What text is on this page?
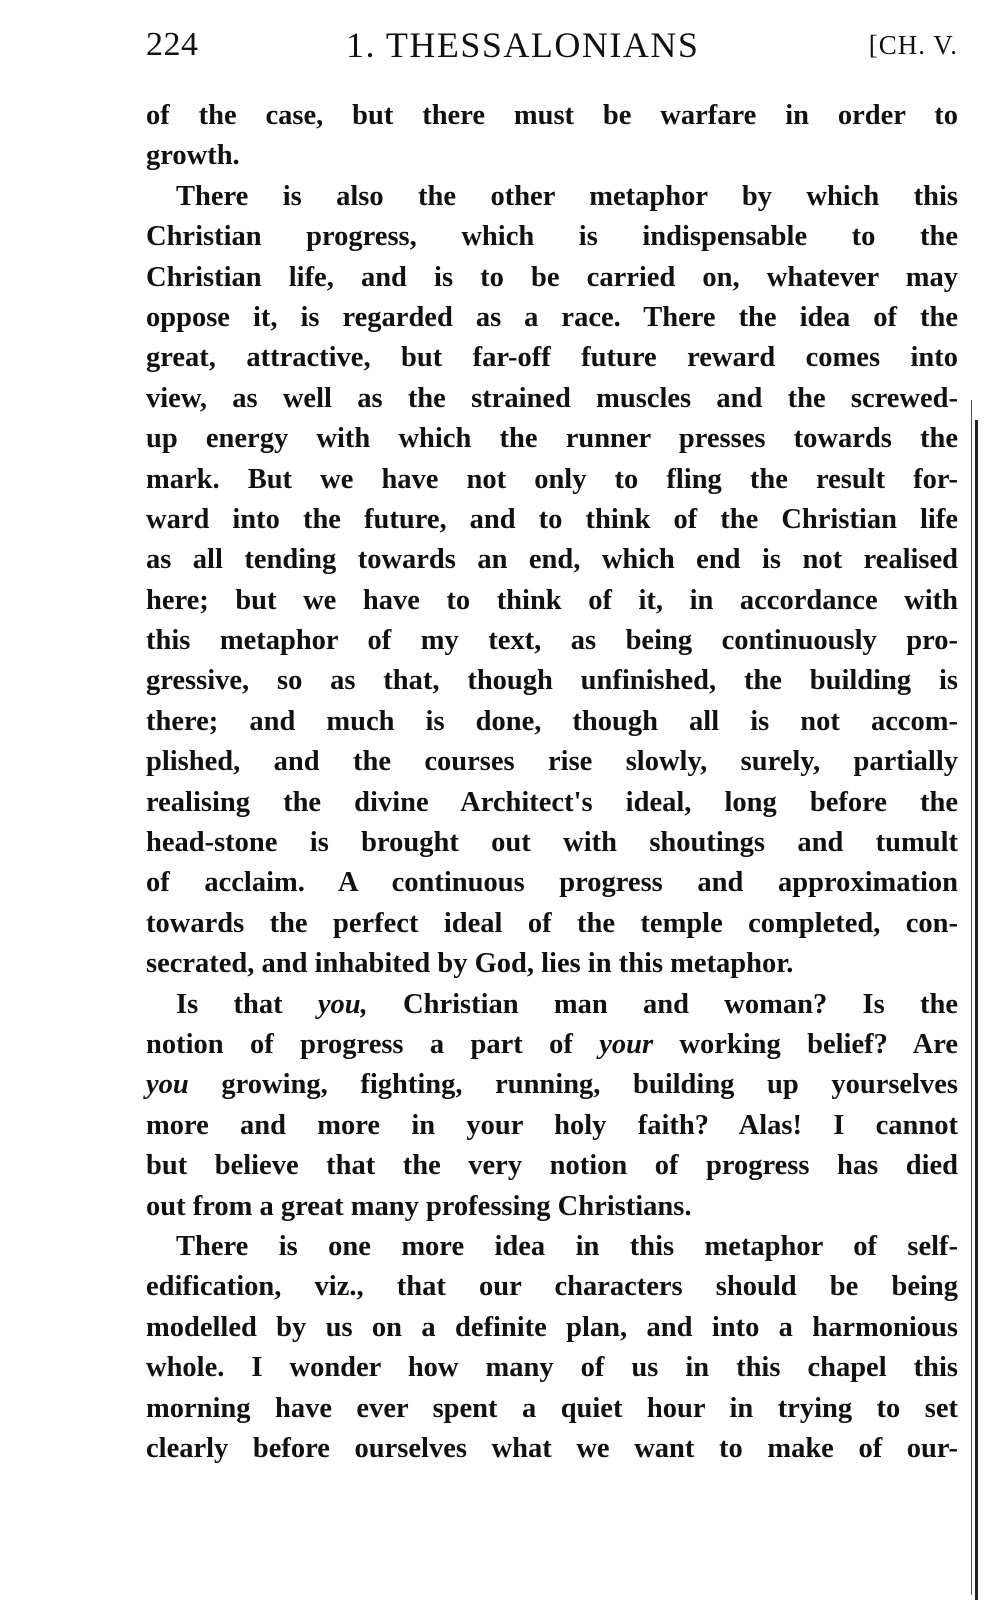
224	1. THESSALONIANS	[CH. V.
of the case, but there must be warfare in order to
growth.
There is also the other metaphor by which this
Christian progress, which is indispensable to the
Christian life, and is to be carried on, whatever may
oppose it, is regarded as a race. There the idea of the
great, attractive, but far-off future reward comes into
view, as well as the strained muscles and the screwed-
up energy with which the runner presses towards the
mark. But we have not only to fling the result for-
ward into the future, and to think of the Christian life
as all tending towards an end, which end is not realised
here; but we have to think of it, in accordance with
this metaphor of my text, as being continuously pro-
gressive, so as that, though unfinished, the building is
there; and much is done, though all is not accom-
plished, and the courses rise slowly, surely, partially
realising the divine Architect's ideal, long before the
head-stone is brought out with shoutings and tumult
of acclaim. A continuous progress and approximation
towards the perfect ideal of the temple completed, con-
secrated, and inhabited by God, lies in this metaphor.
Is that you, Christian man and woman? Is the
notion of progress a part of your working belief? Are
you growing, fighting, running, building up yourselves
more and more in your holy faith? Alas! I cannot
but believe that the very notion of progress has died
out from a great many professing Christians.
There is one more idea in this metaphor of self-
edification, viz., that our characters should be being
modelled by us on a definite plan, and into a harmonious
whole. I wonder how many of us in this chapel this
morning have ever spent a quiet hour in trying to set
clearly before ourselves what we want to make of our-
